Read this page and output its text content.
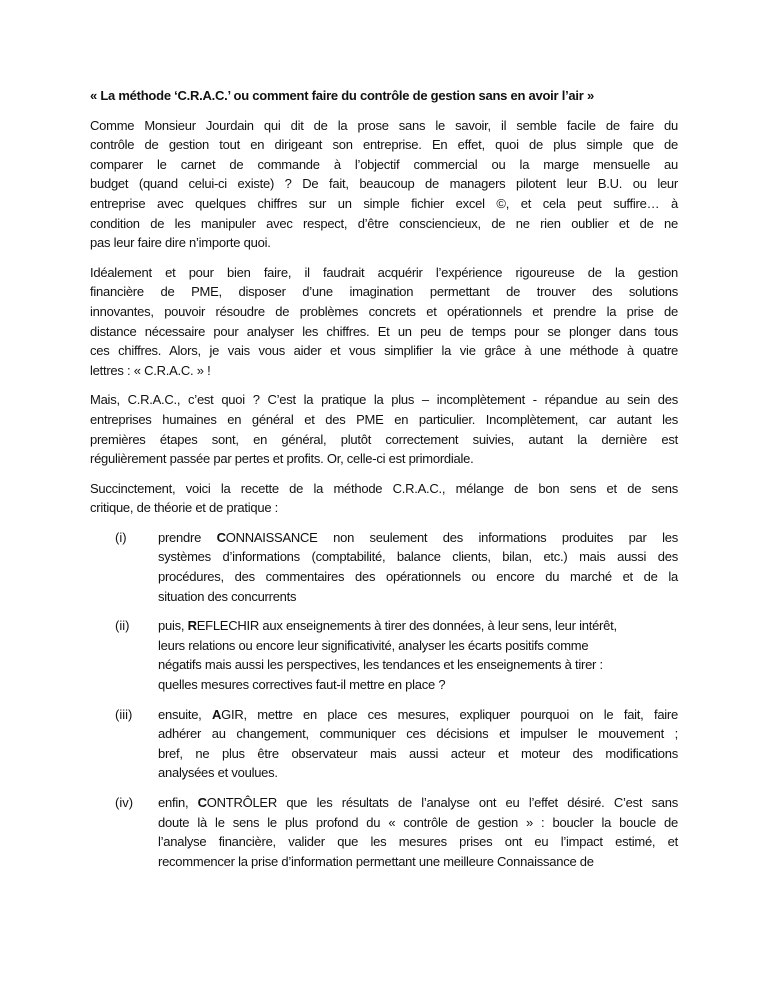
« La méthode ‘C.R.A.C.’ ou comment faire du contrôle de gestion sans en avoir l’air »
Comme Monsieur Jourdain qui dit de la prose sans le savoir, il semble facile de faire du
contrôle de gestion tout en dirigeant son entreprise. En effet, quoi de plus simple que de
comparer le carnet de commande à l’objectif commercial ou la marge mensuelle au
budget (quand celui-ci existe) ? De fait, beaucoup de managers pilotent leur B.U. ou leur
entreprise avec quelques chiffres sur un simple fichier excel ©, et cela peut suffire… à
condition de les manipuler avec respect, d’être consciencieux, de ne rien oublier et de ne
pas leur faire dire n’importe quoi.
Idéalement et pour bien faire, il faudrait acquérir l’expérience rigoureuse de la gestion
financière de PME, disposer d’une imagination permettant de trouver des solutions
innovantes, pouvoir résoudre de problèmes concrets et opérationnels et prendre la prise de
distance nécessaire pour analyser les chiffres. Et un peu de temps pour se plonger dans tous
ces chiffres. Alors, je vais vous aider et vous simplifier la vie grâce à une méthode à quatre
lettres : « C.R.A.C. » !
Mais, C.R.A.C., c’est quoi ? C’est la pratique la plus – incomplètement - répandue au sein des
entreprises humaines en général et des PME en particulier. Incomplètement, car autant les
premières étapes sont, en général, plutôt correctement suivies, autant la dernière est
régulièrement passée par pertes et profits. Or, celle-ci est primordiale.
Succinctement, voici la recette de la méthode C.R.A.C., mélange de bon sens et de sens
critique, de théorie et de pratique :
(i) prendre CONNAISSANCE non seulement des informations produites par les
systèmes d’informations (comptabilité, balance clients, bilan, etc.) mais aussi des
procédures, des commentaires des opérationnels ou encore du marché et de la
situation des concurrents
(ii) puis, REFLECHIR aux enseignements à tirer des données, à leur sens, leur intérêt,
leurs relations ou encore leur significativité, analyser les écarts positifs comme
négatifs mais aussi les perspectives, les tendances et les enseignements à tirer :
quelles mesures correctives faut-il mettre en place ?
(iii) ensuite, AGIR, mettre en place ces mesures, expliquer pourquoi on le fait, faire
adhérer au changement, communiquer ces décisions et impulser le mouvement ;
bref, ne plus être observateur mais aussi acteur et moteur des modifications
analysées et voulues.
(iv) enfin, CONTRÔLER que les résultats de l’analyse ont eu l’effet désiré. C’est sans
doute là le sens le plus profond du « contrôle de gestion » : boucler la boucle de
l’analyse financière, valider que les mesures prises ont eu l’impact estimé, et
recommencer la prise d’information permettant une meilleure Connaissance de
